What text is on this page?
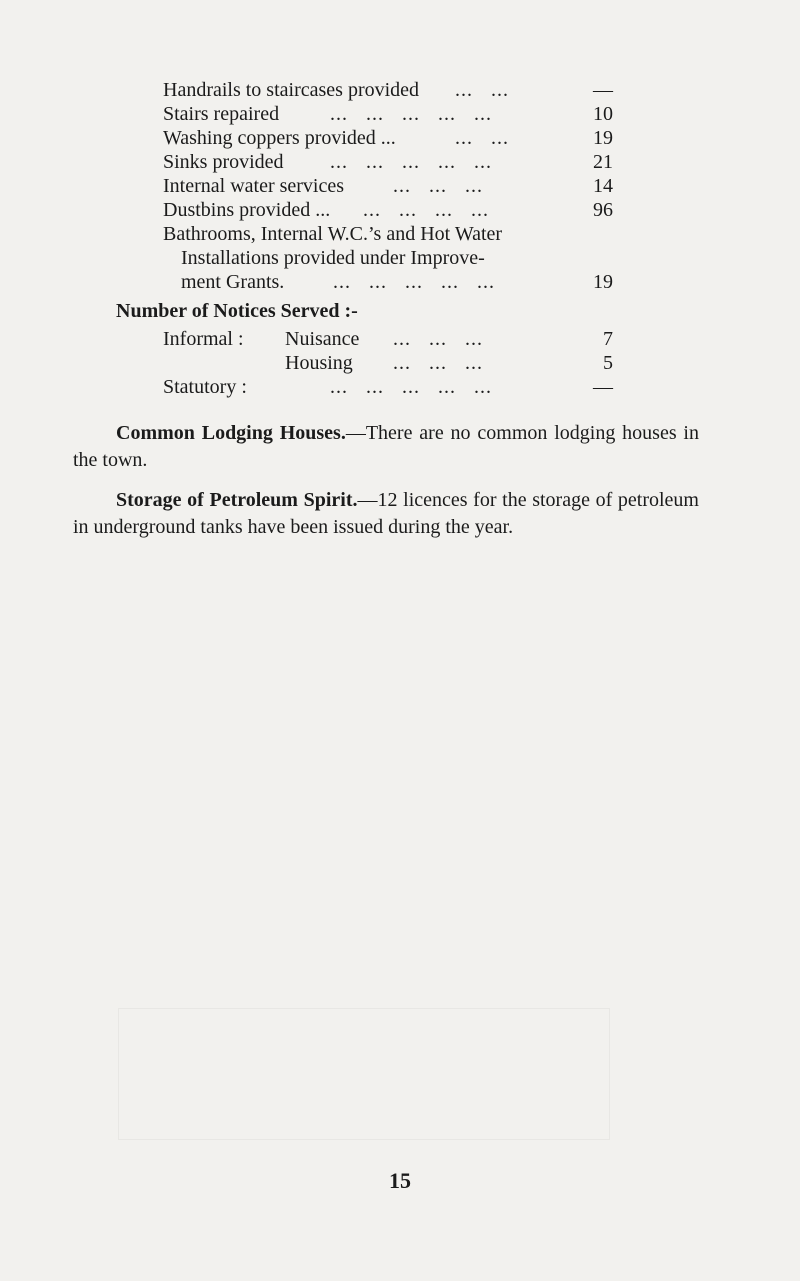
Handrails to staircases provided ... ...	—
Stairs repaired	... ... ... ... ...	10
Washing coppers provided ...	... ...	19
Sinks provided ... ... ... ... ...	21
Internal water services ... ... ...	14
Dustbins provided ... ... ... ... ...	96
Bathrooms, Internal W.C.’s and Hot Water
Installations provided under Improve-
ment Grants. ... ... ... ... ...	19
Number of Notices Served :-
Informal : Nuisance ... ... ...	7
Housing ... ... ...	5
Statutory :	... ... ... ... ...	—
Common Lodging Houses.—There are no common lodging houses in the town.
Storage of Petroleum Spirit.—12 licences for the storage of petroleum in underground tanks have been issued during the year.
15
